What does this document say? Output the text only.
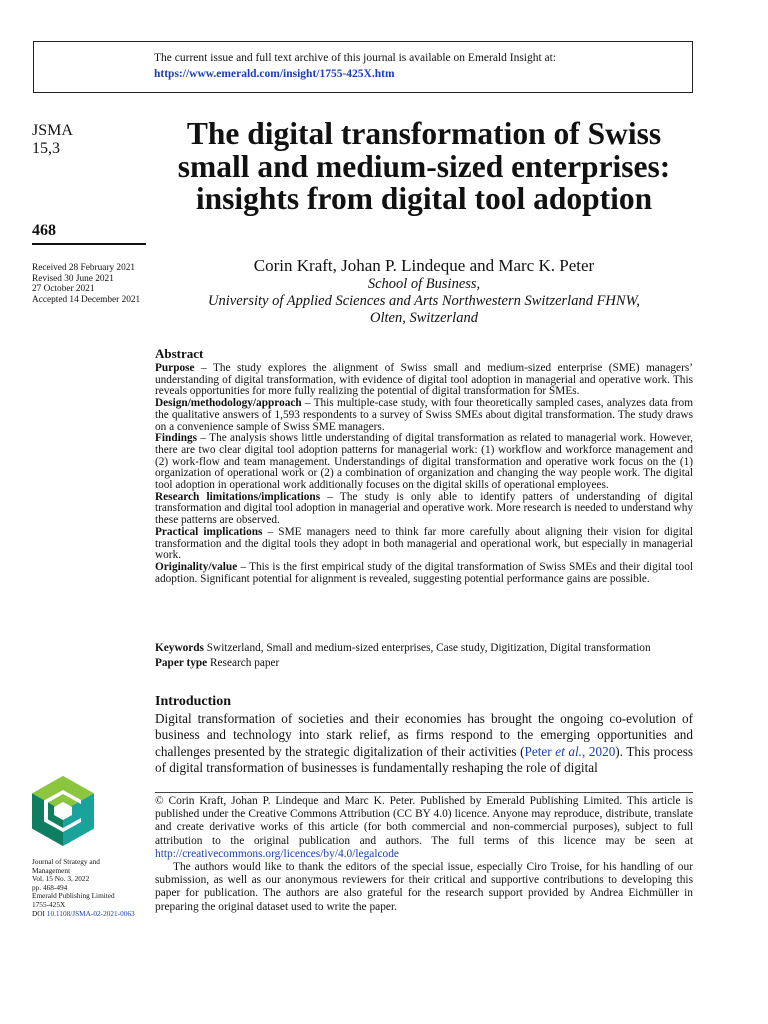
The current issue and full text archive of this journal is available on Emerald Insight at:
https://www.emerald.com/insight/1755-425X.htm
JSMA
15,3
468
Received 28 February 2021
Revised 30 June 2021
27 October 2021
Accepted 14 December 2021
The digital transformation of Swiss small and medium-sized enterprises: insights from digital tool adoption
Corin Kraft, Johan P. Lindeque and Marc K. Peter
School of Business,
University of Applied Sciences and Arts Northwestern Switzerland FHNW,
Olten, Switzerland
Abstract

Purpose – The study explores the alignment of Swiss small and medium-sized enterprise (SME) managers’ understanding of digital transformation, with evidence of digital tool adoption in managerial and operative work. This reveals opportunities for more fully realizing the potential of digital transformation for SMEs.

Design/methodology/approach – This multiple-case study, with four theoretically sampled cases, analyzes data from the qualitative answers of 1,593 respondents to a survey of Swiss SMEs about digital transformation. The study draws on a convenience sample of Swiss SME managers.

Findings – The analysis shows little understanding of digital transformation as related to managerial work. However, there are two clear digital tool adoption patterns for managerial work: (1) workflow and workforce management and (2) work-flow and team management. Understandings of digital transformation and operative work focus on the (1) organization of operational work or (2) a combination of organization and changing the way people work. The digital tool adoption in operational work additionally focuses on the digital skills of operational employees.

Research limitations/implications – The study is only able to identify patters of understanding of digital transformation and digital tool adoption in managerial and operative work. More research is needed to understand why these patterns are observed.

Practical implications – SME managers need to think far more carefully about aligning their vision for digital transformation and the digital tools they adopt in both managerial and operational work, but especially in managerial work.

Originality/value – This is the first empirical study of the digital transformation of Swiss SMEs and their digital tool adoption. Significant potential for alignment is revealed, suggesting potential performance gains are possible.

Keywords Switzerland, Small and medium-sized enterprises, Case study, Digitization, Digital transformation
Paper type Research paper
Introduction
Digital transformation of societies and their economies has brought the ongoing co-evolution of business and technology into stark relief, as firms respond to the emerging opportunities and challenges presented by the strategic digitalization of their activities (Peter et al., 2020). This process of digital transformation of businesses is fundamentally reshaping the role of digital

© Corin Kraft, Johan P. Lindeque and Marc K. Peter. Published by Emerald Publishing Limited. This article is published under the Creative Commons Attribution (CC BY 4.0) licence. Anyone may reproduce, distribute, translate and create derivative works of this article (for both commercial and non-commercial purposes), subject to full attribution to the original publication and authors. The full terms of this licence may be seen at http://creativecommons.org/licences/by/4.0/legalcode

The authors would like to thank the editors of the special issue, especially Ciro Troise, for his handling of our submission, as well as our anonymous reviewers for their critical and supportive contributions to developing this paper for publication. The authors are also grateful for the research support provided by Andrea Eichmüller in preparing the original dataset used to write the paper.

Journal of Strategy and
Management
Vol. 15 No. 3, 2022
pp. 468-494
Emerald Publishing Limited
1755-425X
DOI 10.1108/JSMA-02-2021-0063
